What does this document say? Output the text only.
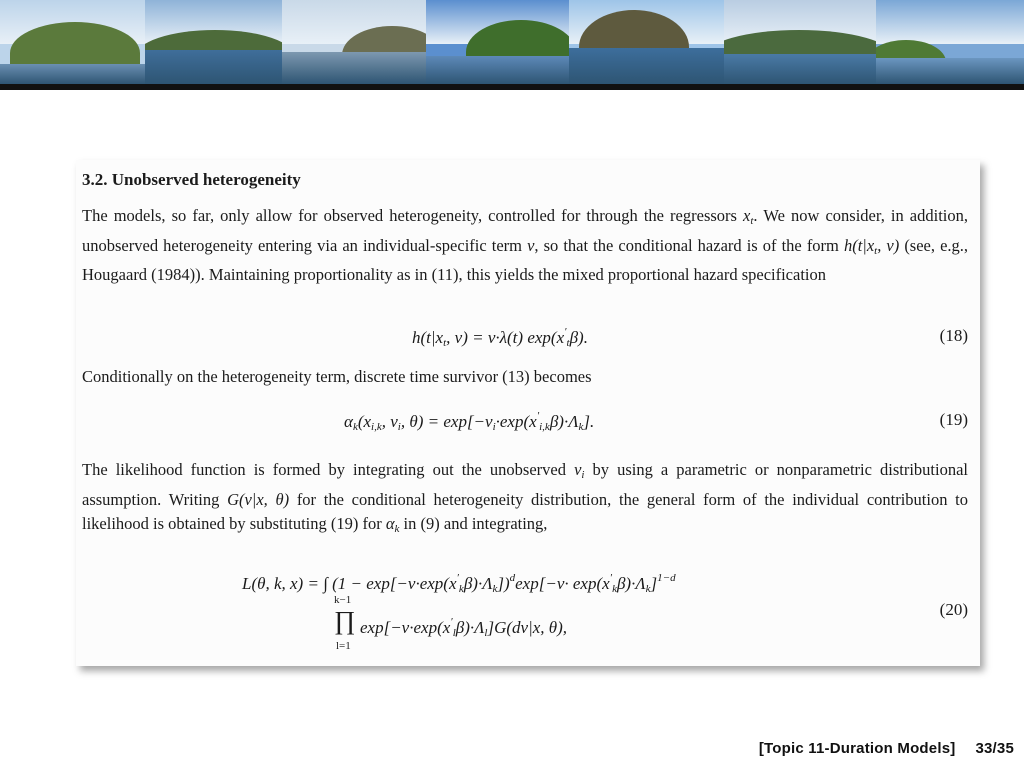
3.2. Unobserved heterogeneity

The models, so far, only allow for observed heterogeneity, controlled for through the regressors $x_t$. We now consider, in addition, unobserved heterogeneity entering via an individual-specific term v, so that the conditional hazard is of the form $h(t|x_t$, v) (see, e.g., Hougaard (1984)). Maintaining proportionality as in (11), this yields the mixed proportional hazard specification

$h(t|x_t$, v) = v·λ(t) $\exp(x'_t\beta)$.	(18)

Conditionally on the heterogeneity term, discrete time survivor (13) becomes

$\alpha_k(x_{i,k}$, $v_i$, $\theta) = \exp[-v_i\cdot\exp(x'_{i,k}\beta)\cdot\Lambda_k]$.	(19)

The likelihood function is formed by integrating out the unobserved $v_i$ by using a parametric or nonparametric distributional assumption. Writing G(v|x, θ) for the conditional heterogeneity distribution, the general form of the individual contribution to likelihood is obtained by substituting (19) for $\alpha_k$ in (9) and integrating,

L(θ, k, x) = ∫ $(1 - \exp[-v\cdot\exp(x'_k\beta)\cdot\Lambda_k])^d\exp[-v\cdot \exp(x'_k\beta)\cdot\Lambda_k]^{1-d}$
k−1
∏
l=1
$\exp[-v\cdot\exp(x'_l\beta)\cdot\Lambda_l]G(dv|x$, θ),
(20)
[Topic 11-Duration Models] 33/35
